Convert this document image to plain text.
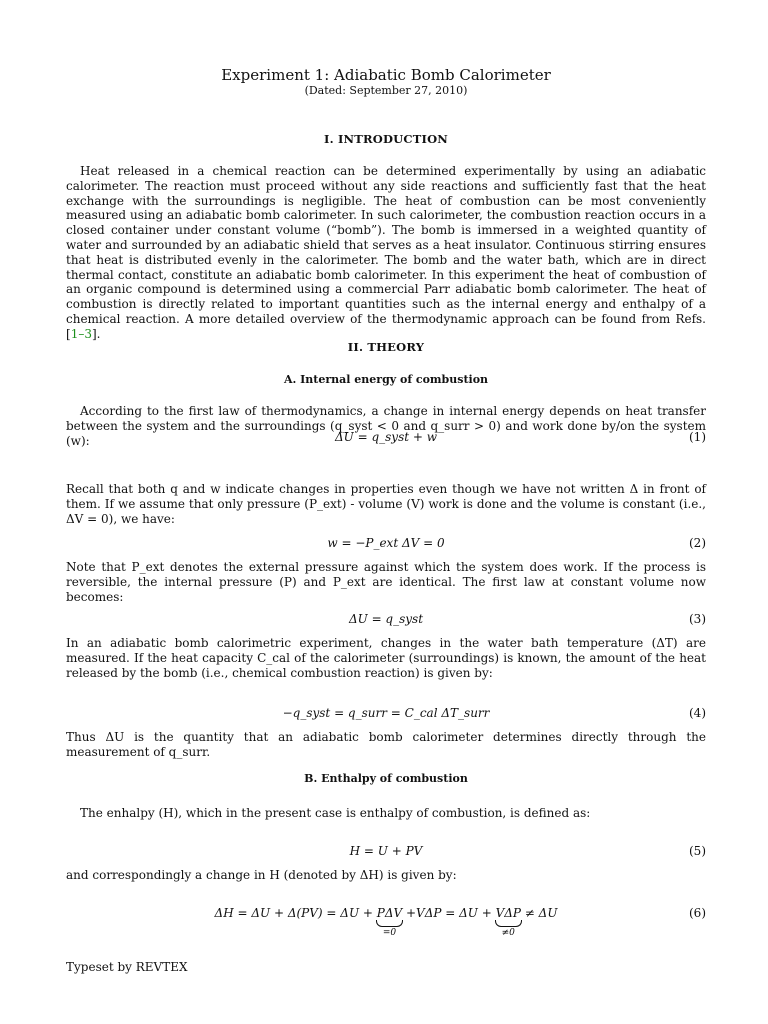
Experiment 1: Adiabatic Bomb Calorimeter
(Dated: September 27, 2010)
I. INTRODUCTION

Heat released in a chemical reaction can be determined experimentally by using an adiabatic calorimeter. The reaction must proceed without any side reactions and sufficiently fast that the heat exchange with the surroundings is negligible. The heat of combustion can be most conveniently measured using an adiabatic bomb calorimeter. In such calorimeter, the combustion reaction occurs in a closed container under constant volume (“bomb”). The bomb is immersed in a weighted quantity of water and surrounded by an adiabatic shield that serves as a heat insulator. Continuous stirring ensures that heat is distributed evenly in the calorimeter. The bomb and the water bath, which are in direct thermal contact, constitute an adiabatic bomb calorimeter. In this experiment the heat of combustion of an organic compound is determined using a commercial Parr adiabatic bomb calorimeter. The heat of combustion is directly related to important quantities such as the internal energy and enthalpy of a chemical reaction. A more detailed overview of the thermodynamic approach can be found from Refs. [1–3].

II. THEORY
A. Internal energy of combustion

According to the first law of thermodynamics, a change in internal energy depends on heat transfer between the system and the surroundings (q_syst < 0 and q_surr > 0) and work done by/on the system (w):	ΔU = q_syst + w	(1)

Recall that both q and w indicate changes in properties even though we have not written Δ in front of them. If we assume that only pressure (P_ext) - volume (V) work is done and the volume is constant (i.e., ΔV = 0), we have:

w = −P_ext ΔV = 0	(2)

Note that P_ext denotes the external pressure against which the system does work. If the process is reversible, the internal pressure (P) and P_ext are identical. The first law at constant volume now becomes:

ΔU = q_syst	(3)

In an adiabatic bomb calorimetric experiment, changes in the water bath temperature (ΔT) are measured. If the heat capacity C_cal of the calorimeter (surroundings) is known, the amount of the heat released by the bomb (i.e., chemical combustion reaction) is given by:

−q_syst = q_surr = C_cal ΔT_surr	(4)

Thus ΔU is the quantity that an adiabatic bomb calorimeter determines directly through the measurement of q_surr.

B. Enthalpy of combustion

The enhalpy (H), which in the present case is enthalpy of combustion, is defined as:

H = U + PV	(5)

and correspondingly a change in H (denoted by ΔH) is given by:

ΔH = ΔU + Δ(PV) = ΔU + PΔV
=0
+VΔP = ΔU + VΔP
≠0
≠ ΔU	(6)
Typeset by REVTEX
